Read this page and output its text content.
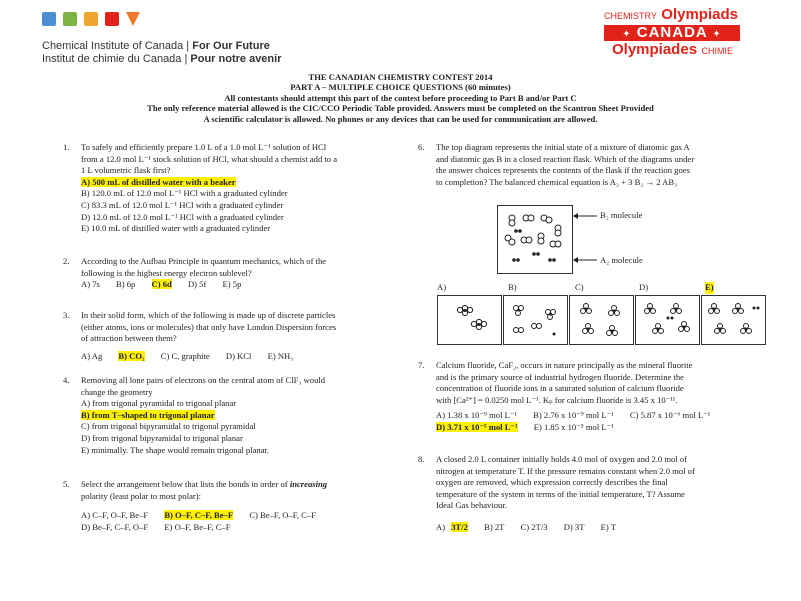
Chemical Institute of Canada | For Our Future
Institut de chimie du Canada | Pour notre avenir
CHEMISTRY Olympiads
✦ CANADA ✦
Olympiades CHIMIE
THE CANADIAN CHEMISTRY CONTEST 2014
PART A – MULTIPLE CHOICE QUESTIONS (60 minutes)
All contestants should attempt this part of the contest before proceeding to Part B and/or Part C
The only reference material allowed is the CIC/CCO Periodic Table provided. Answers must be completed on the Scantron Sheet Provided
A scientific calculator is allowed. No phones or any devices that can be used for communication are allowed.
1. To safely and efficiently prepare 1.0 L of a 1.0 mol L⁻¹ solution of HCl
from a 12.0 mol L⁻¹ stock solution of HCl, what should a chemist add to a
1 L volumetric flask first?
A) 500 mL of distilled water with a beaker
B) 120.0 mL of 12.0 mol L⁻¹ HCl with a graduated cylinder
C) 83.3 mL of 12.0 mol L⁻¹ HCl with a graduated cylinder
D) 12.0 mL of 12.0 mol L⁻¹ HCl with a graduated cylinder
E) 10.0 mL of distilled water with a graduated cylinder
2. According to the Aufbau Principle in quantum mechanics, which of the
following is the highest energy electron sublevel?
A) 7s B) 6p C) 6d D) 5f E) 5p
3. In their solid form, which of the following is made up of discrete particles
(either atoms, ions or molecules) that only have London Dispersion forces
of attraction between them?
A) Ag B) CO₂ C) C, graphite D) KCl E) NH₃
4. Removing all lone pairs of electrons on the central atom of ClF₃ would
change the geometry
A) from trigonal pyramidal to trigonal planar
B) from T–shaped to trigonal planar
C) from trigonal bipyramidal to trigonal pyramidal
D) from trigonal bipyramidal to trigonal planar
E) minimally. The shape would remain trigonal planar.
5. Select the arrangement below that lists the bonds in order of increasing
polarity (least polar to most polar):
A) C–F, O–F, Be–F B) O–F, C–F, Be–F C) Be–F, O–F, C–F
D) Be–F, C–F, O–F E) O–F, Be–F, C–F
6. The top diagram represents the initial state of a mixture of diatomic gas A
and diatomic gas B in a closed reaction flask. Which of the diagrams under
the answer choices represents the contents of the flask if the reaction goes
to completion? The balanced chemical equation is A₂ + 3 B₂ → 2 AB₃
B₂ molecule
A₂ molecule
A)	B)	C)	D)	E)
7. Calcium fluoride, CaF₂, occurs in nature principally as the mineral fluorite
and is the primary source of industrial hydrogen fluoride. Determine the
concentration of fluoride ions in a saturated solution of calcium fluoride
with [Ca²⁺] = 0.0250 mol L⁻¹. Kₚ for calcium fluoride is 3.45 x 10⁻¹¹.
A) 1.38 x 10⁻⁹ mol L⁻¹ B) 2.76 x 10⁻⁹ mol L⁻¹ C) 5.87 x 10⁻⁶ mol L⁻¹
D) 3.71 x 10⁻⁵ mol L⁻¹ E) 1.85 x 10⁻⁵ mol L⁻¹
8. A closed 2.0 L container initially holds 4.0 mol of oxygen and 2.0 mol of
nitrogen at temperature T. If the pressure remains constant when 2.0 mol of
oxygen are removed, which expression correctly describes the final
temperature of the system in terms of the initial temperature, T? Assume
Ideal Gas behaviour.
A) 3T/2 B) 2T C) 2T/3 D) 3T E) T
